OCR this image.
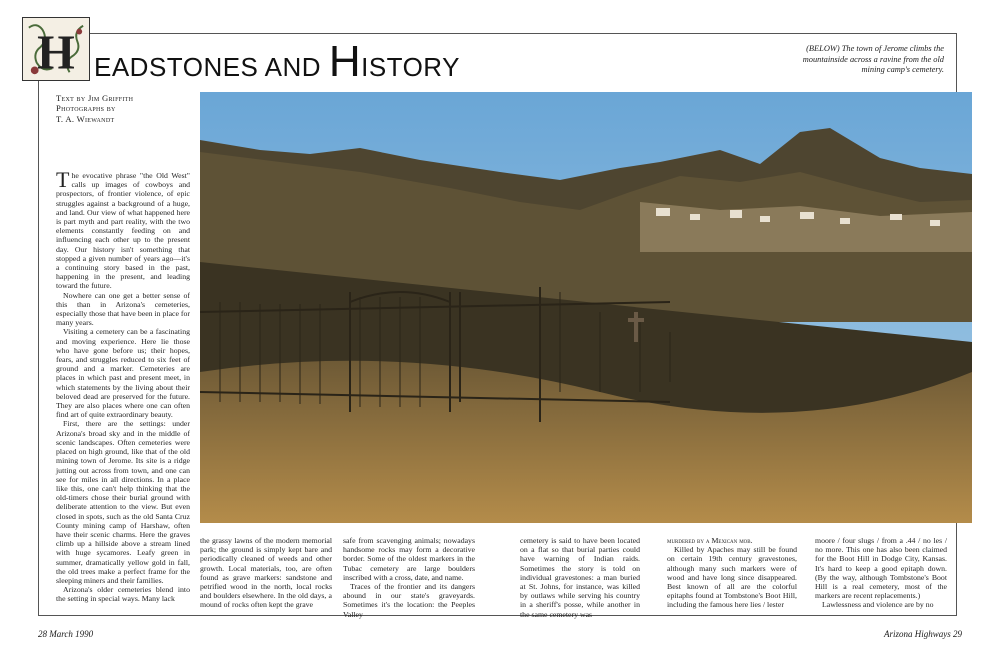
H EADSTONES AND HISTORY
(BELOW) The town of Jerome climbs the mountainside across a ravine from the old mining camp's cemetery.
Text by Jim Griffith
Photographs by
T. A. Wiewandt

The evocative phrase "the Old West" calls up images of cowboys and prospectors, of frontier violence, of epic struggles against a background of a huge, and land. Our view of what happened here is part myth and part reality, with the two elements constantly feeding on and influencing each other up to the present day. Our history isn't something that stopped a given number of years ago—it's a continuing story based in the past, happening in the present, and leading toward the future.

Nowhere can one get a better sense of this than in Arizona's cemeteries, especially those that have been in place for many years.

Visiting a cemetery can be a fascinating and moving experience. Here lie those who have gone before us; their hopes, fears, and struggles reduced to six feet of ground and a marker. Cemeteries are places in which past and present meet, in which statements by the living about their beloved dead are preserved for the future. They are also places where one can often find art of quite extraordinary beauty.

First, there are the settings: under Arizona's broad sky and in the middle of scenic landscapes. Often cemeteries were placed on high ground, like that of the old mining town of Jerome. Its site is a ridge jutting out across from town, and one can see for miles in all directions. In a place like this, one can't help thinking that the old-timers chose their burial ground with deliberate attention to the view. But even closed in spots, such as the old Santa Cruz County mining camp of Harshaw, often have their scenic charms. Here the graves climb up a hillside above a stream lined with huge sycamores. Leafy green in summer, dramatically yellow gold in fall, the old trees make a perfect frame for the sleeping miners and their families.

Arizona's older cemeteries blend into the setting in special ways. Many lack

the grassy lawns of the modern memorial park; the ground is simply kept bare and periodically cleaned of weeds and other growth. Local materials, too, are often found as grave markers: sandstone and petrified wood in the north, local rocks and boulders elsewhere. In the old days, a mound of rocks often kept the grave

safe from scavenging animals; nowadays handsome rocks may form a decorative border. Some of the oldest markers in the Tubac cemetery are large boulders inscribed with a cross, date, and name.

Traces of the frontier and its dangers abound in our state's graveyards. Sometimes it's the location: the Peeples Valley

cemetery is said to have been located on a flat so that burial parties could have warning of Indian raids. Sometimes the story is told on individual gravestones: a man buried at St. Johns, for instance, was killed by outlaws while serving his country in a sheriff's posse, while another in the same cemetery was

murdered by a Mexican mob.

Killed by Apaches may still be found on certain 19th century gravestones, although many such markers were of wood and have long since disappeared. Best known of all are the colorful epitaphs found at Tombstone's Boot Hill, including the famous here lies / lester

moore / four slugs / from a .44 / no les / no more. This one has also been claimed for the Boot Hill in Dodge City, Kansas. It's hard to keep a good epitaph down. (By the way, although Tombstone's Boot Hill is a real cemetery, most of the markers are recent replacements.)

Lawlessness and violence are by no

28 March 1990	Arizona Highways 29
